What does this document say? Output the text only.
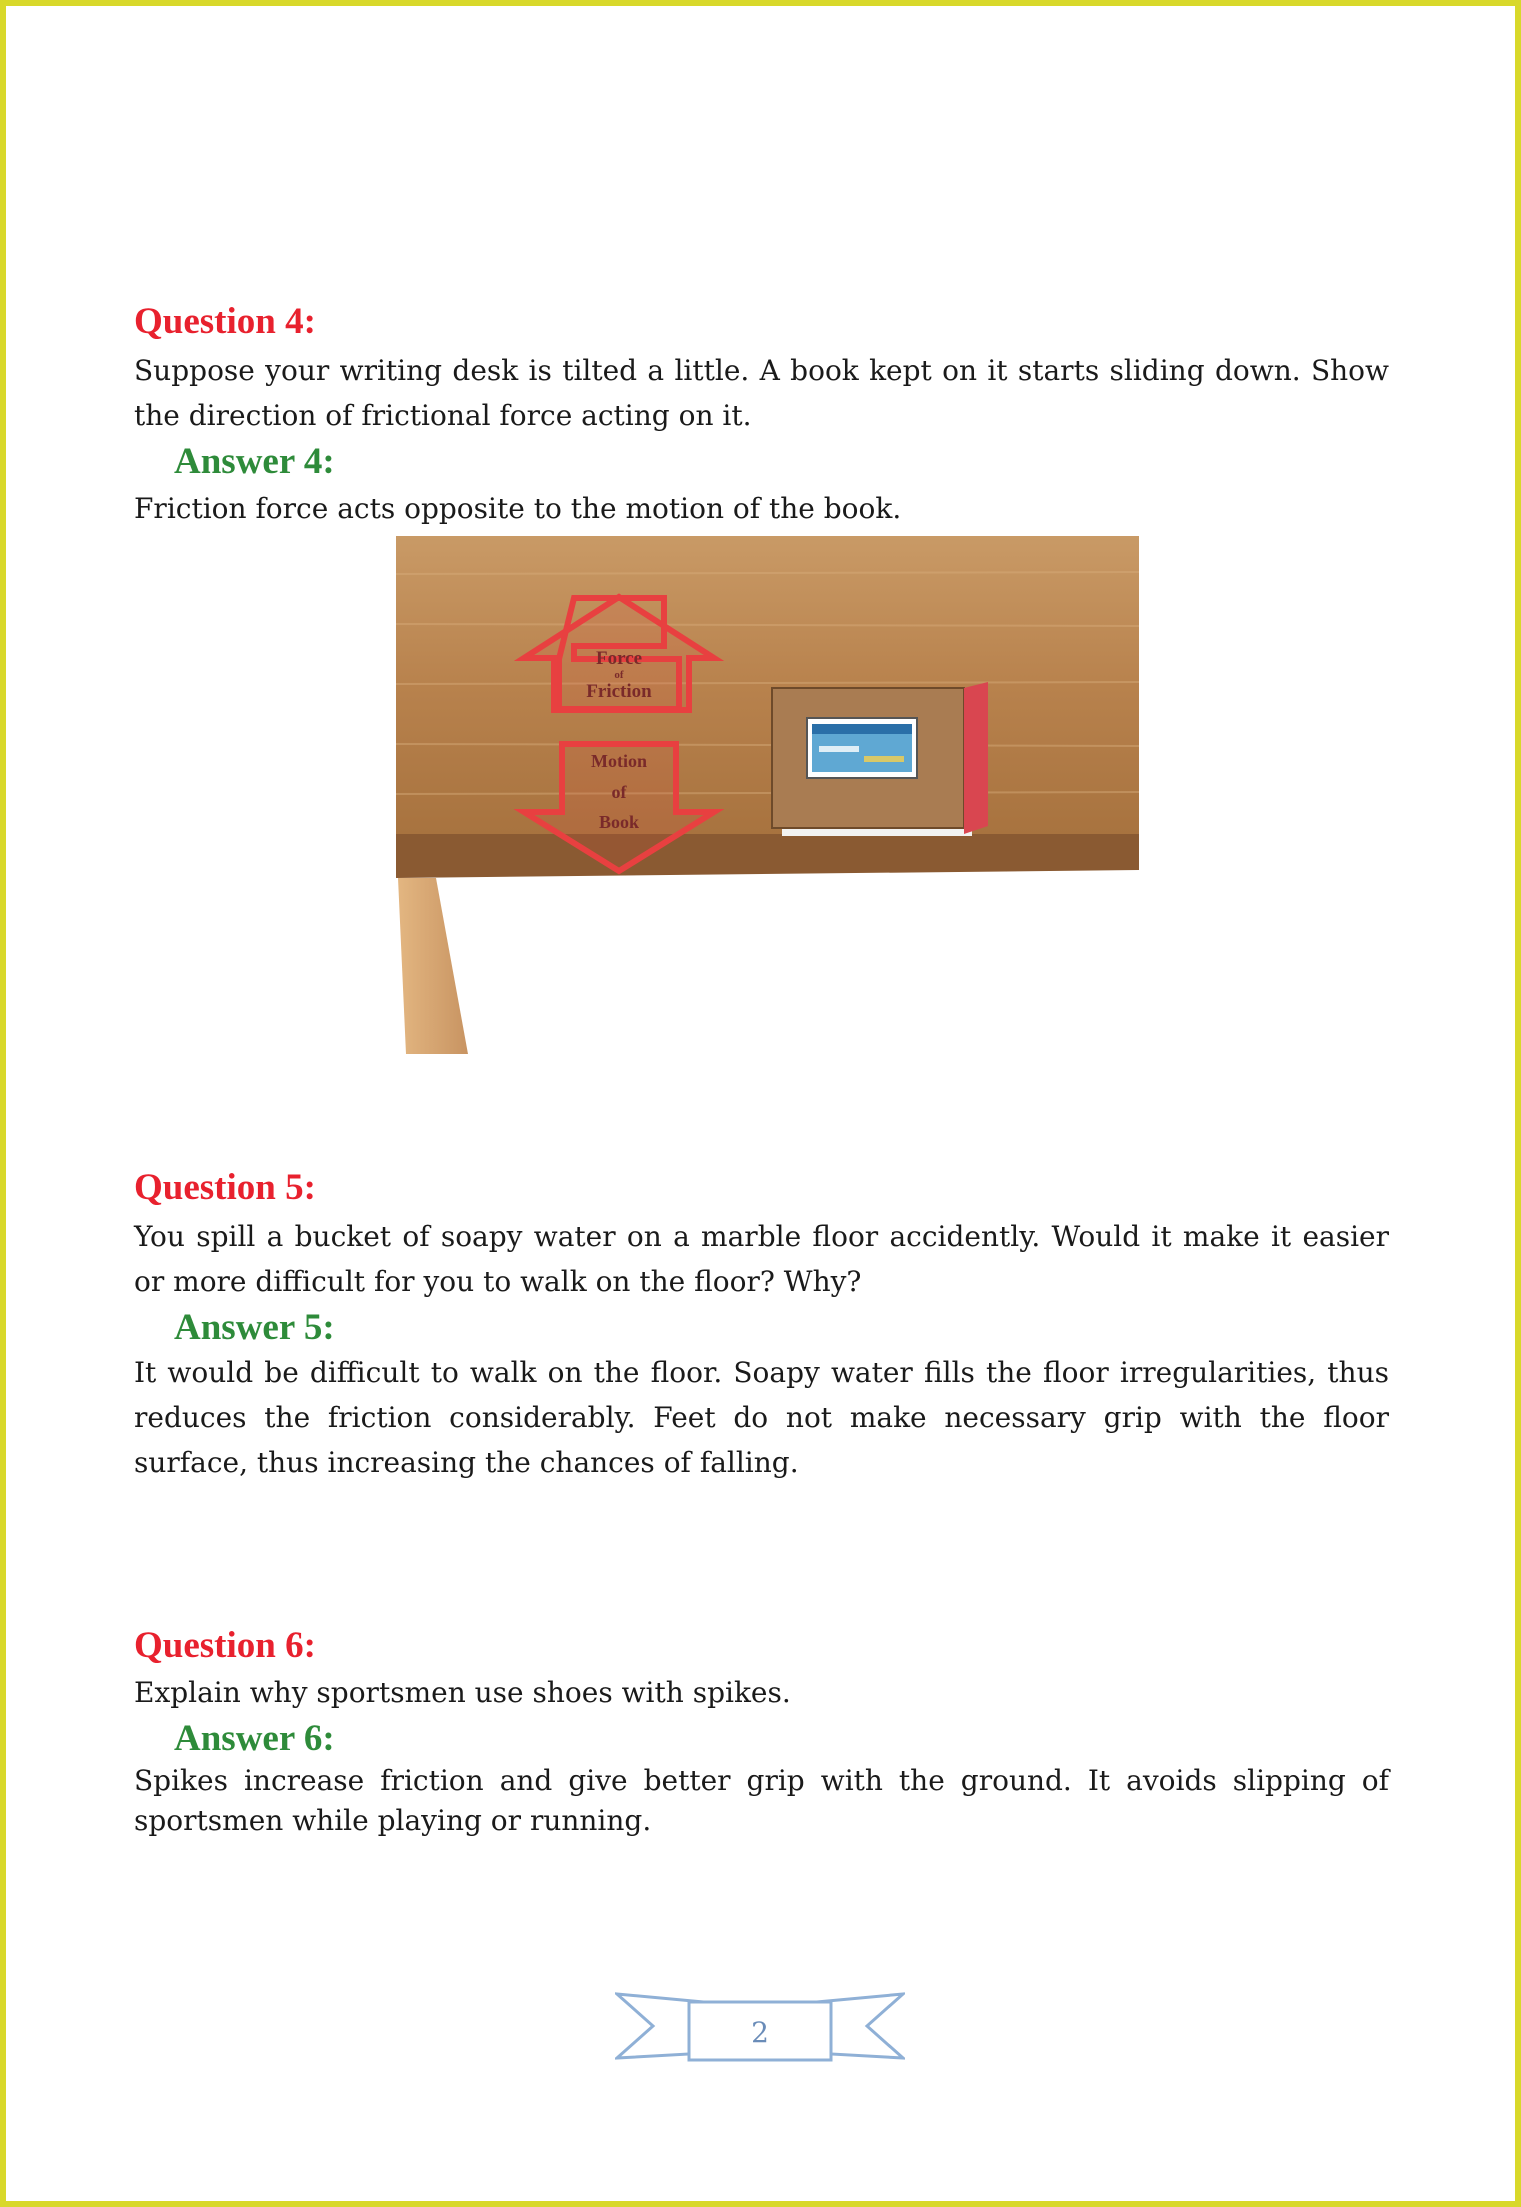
Question 4:

Suppose your writing desk is tilted a little. A book kept on it starts sliding down. Show the direction of frictional force acting on it.

Answer 4:

Friction force acts opposite to the motion of the book.

Force
of
Friction
Motion
of
Book

Question 5:

You spill a bucket of soapy water on a marble floor accidently. Would it make it easier or more difficult for you to walk on the floor? Why?

Answer 5:

It would be difficult to walk on the floor. Soapy water fills the floor irregularities, thus reduces the friction considerably. Feet do not make necessary grip with the floor surface, thus increasing the chances of falling.

Question 6:

Explain why sportsmen use shoes with spikes.

Answer 6:

Spikes increase friction and give better grip with the ground. It avoids slipping of sportsmen while playing or running.

2
